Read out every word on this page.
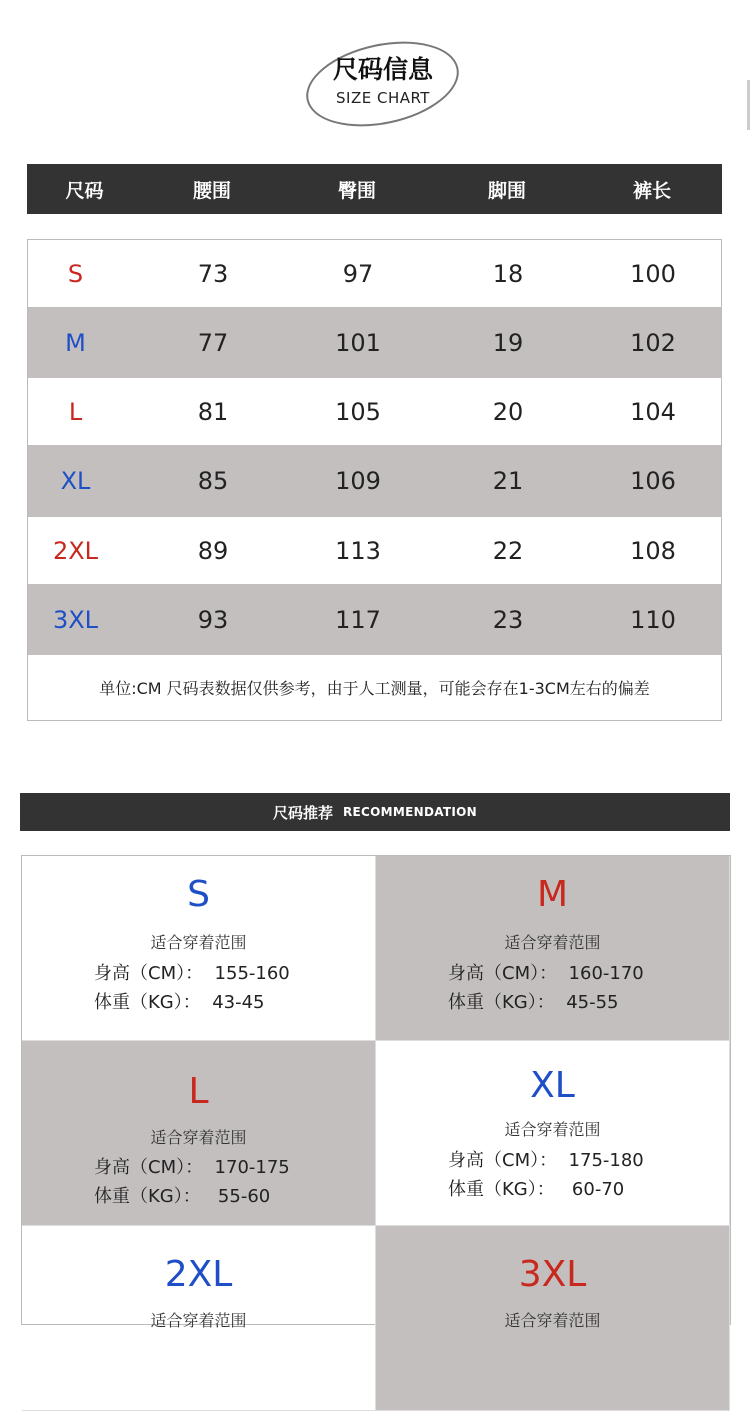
尺码信息
SIZE CHART
尺码	腰围	臀围	脚围	裤长
S	73	97	18	100
M	77	101	19	102
L	81	105	20	104
XL	85	109	21	106
2XL	89	113	22	108
3XL	93	117	23	110
单位:CM 尺码表数据仅供参考，由于人工测量，可能会存在1-3CM左右的偏差
尺码推荐 RECOMMENDATION
S
适合穿着范围
身高（CM）：  155-160
体重（KG）：  43-45
M
适合穿着范围
身高（CM）：  160-170
体重（KG）：  45-55
L
适合穿着范围
身高（CM）：  170-175
体重（KG）：   55-60
XL
适合穿着范围
身高（CM）：  175-180
体重（KG）：   60-70
2XL
适合穿着范围
3XL
适合穿着范围
